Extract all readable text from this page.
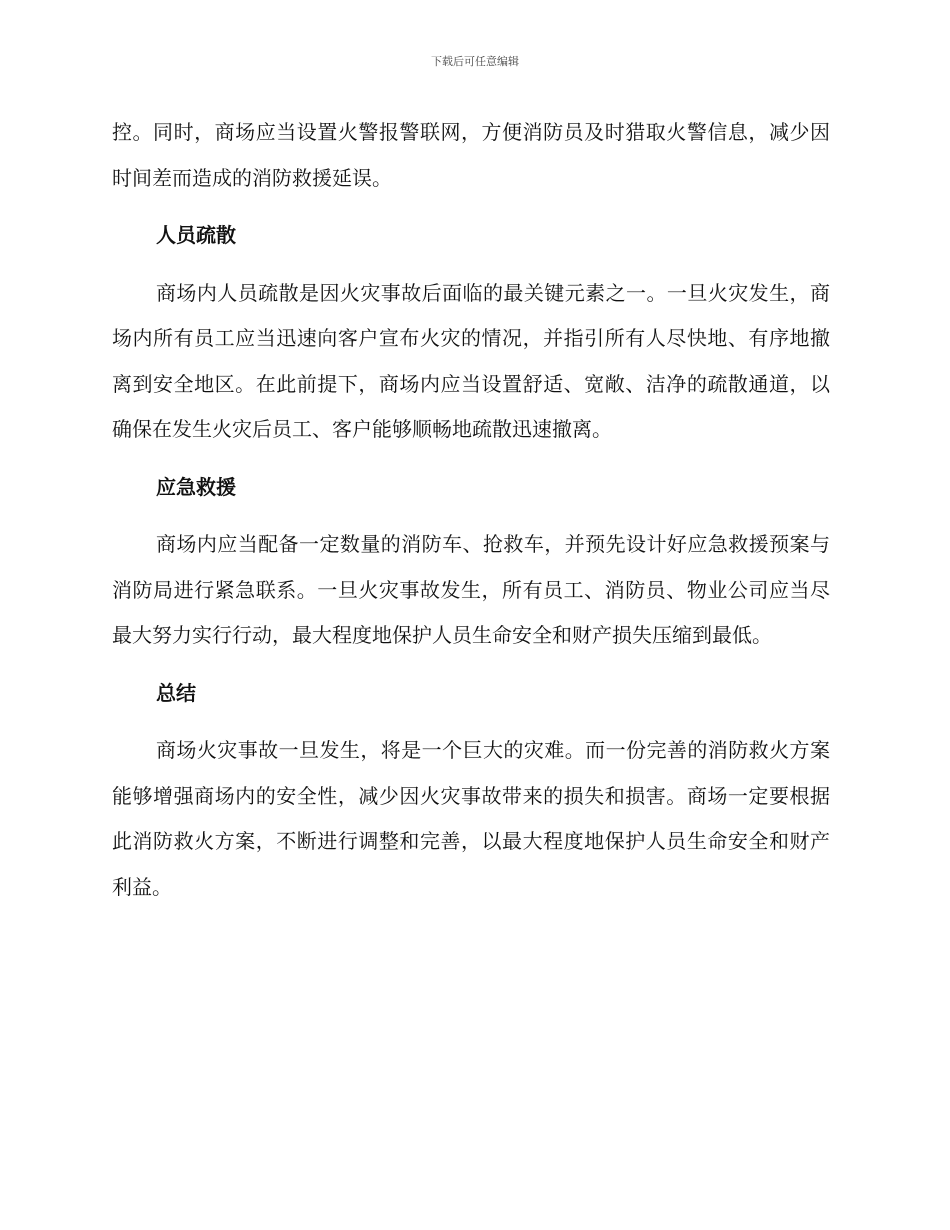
下载后可任意编辑

控。同时，商场应当设置火警报警联网，方便消防员及时猎取火警信息，减少因时间差而造成的消防救援延误。

人员疏散

商场内人员疏散是因火灾事故后面临的最关键元素之一。一旦火灾发生，商场内所有员工应当迅速向客户宣布火灾的情况，并指引所有人尽快地、有序地撤离到安全地区。在此前提下，商场内应当设置舒适、宽敞、洁净的疏散通道，以确保在发生火灾后员工、客户能够顺畅地疏散迅速撤离。

应急救援

商场内应当配备一定数量的消防车、抢救车，并预先设计好应急救援预案与消防局进行紧急联系。一旦火灾事故发生，所有员工、消防员、物业公司应当尽最大努力实行行动，最大程度地保护人员生命安全和财产损失压缩到最低。

总结

商场火灾事故一旦发生，将是一个巨大的灾难。而一份完善的消防救火方案能够增强商场内的安全性，减少因火灾事故带来的损失和损害。商场一定要根据此消防救火方案，不断进行调整和完善，以最大程度地保护人员生命安全和财产利益。
